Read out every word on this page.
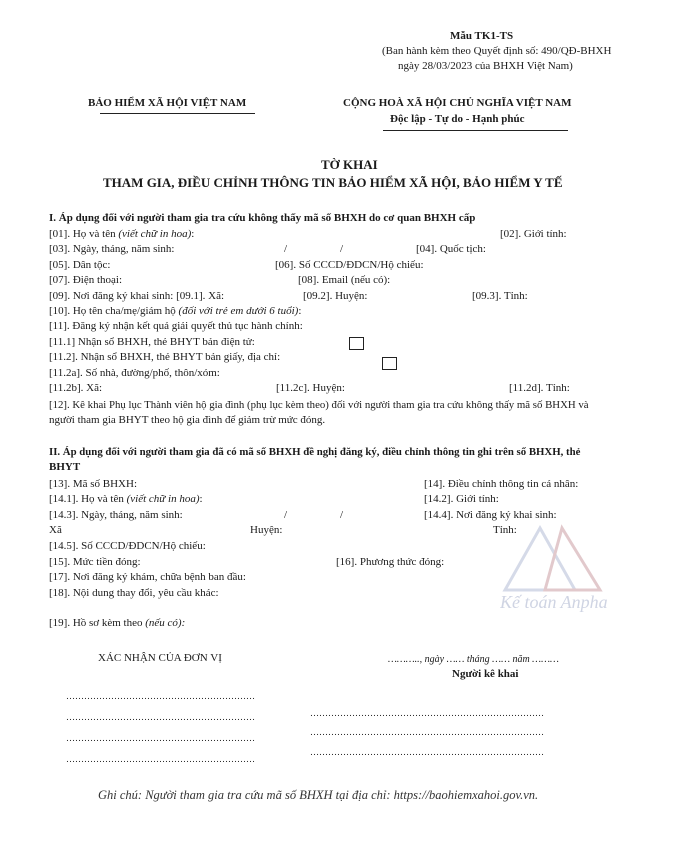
Kế toán Anpha
Mẫu TK1-TS
(Ban hành kèm theo Quyết định số: 490/QĐ-BHXH
ngày 28/03/2023 của BHXH Việt Nam)
BẢO HIỂM XÃ HỘI VIỆT NAM	CỘNG HOÀ XÃ HỘI CHỦ NGHĨA VIỆT NAM
Độc lập - Tự do - Hạnh phúc
TỜ KHAI
THAM GIA, ĐIỀU CHỈNH THÔNG TIN BẢO HIỂM XÃ HỘI, BẢO HIỂM Y TẾ
I. Áp dụng đối với người tham gia tra cứu không thấy mã số BHXH do cơ quan BHXH cấp
[01]. Họ và tên (viết chữ in hoa):	[02]. Giới tính:
[03]. Ngày, tháng, năm sinh:	/	/	[04]. Quốc tịch:
[05]. Dân tộc:	[06]. Số CCCD/ĐDCN/Hộ chiếu:
[07]. Điện thoại:	[08]. Email (nếu có):
[09]. Nơi đăng ký khai sinh: [09.1]. Xã:	[09.2]. Huyện:	[09.3]. Tỉnh:
[10]. Họ tên cha/mẹ/giám hộ (đối với trẻ em dưới 6 tuổi):
[11]. Đăng ký nhận kết quả giải quyết thủ tục hành chính:
[11.1] Nhận sổ BHXH, thẻ BHYT bản điện tử:
[11.2]. Nhận sổ BHXH, thẻ BHYT bản giấy, địa chỉ:
[11.2a]. Số nhà, đường/phố, thôn/xóm:
[11.2b]. Xã:	[11.2c]. Huyện:	[11.2d]. Tỉnh:
[12]. Kê khai Phụ lục Thành viên hộ gia đình (phụ lục kèm theo) đối với người tham gia tra cứu không thấy mã số BHXH và
người tham gia BHYT theo hộ gia đình để giảm trừ mức đóng.
II. Áp dụng đối với người tham gia đã có mã số BHXH đề nghị đăng ký, điều chỉnh thông tin ghi trên sổ BHXH, thẻ
BHYT
[13]. Mã số BHXH:	[14]. Điều chỉnh thông tin cá nhân:
[14.1]. Họ và tên (viết chữ in hoa):	[14.2]. Giới tính:
[14.3]. Ngày, tháng, năm sinh:	/	/	[14.4]. Nơi đăng ký khai sinh:
Xã	Huyện:	Tỉnh:
[14.5]. Số CCCD/ĐDCN/Hộ chiếu:
[15]. Mức tiền đóng:	[16]. Phương thức đóng:
[17]. Nơi đăng ký khám, chữa bệnh ban đầu:
[18]. Nội dung thay đổi, yêu cầu khác:
[19]. Hồ sơ kèm theo (nếu có):
XÁC NHẬN CỦA ĐƠN VỊ	……….., ngày …… tháng …… năm ………
Người kê khai
………………………………………………………
………………………………………………………
………………………………………………………
………………………………………………………
……………………………………………………………………
……………………………………………………………………
……………………………………………………………………
Ghi chú: Người tham gia tra cứu mã số BHXH tại địa chỉ: https://baohiemxahoi.gov.vn.
